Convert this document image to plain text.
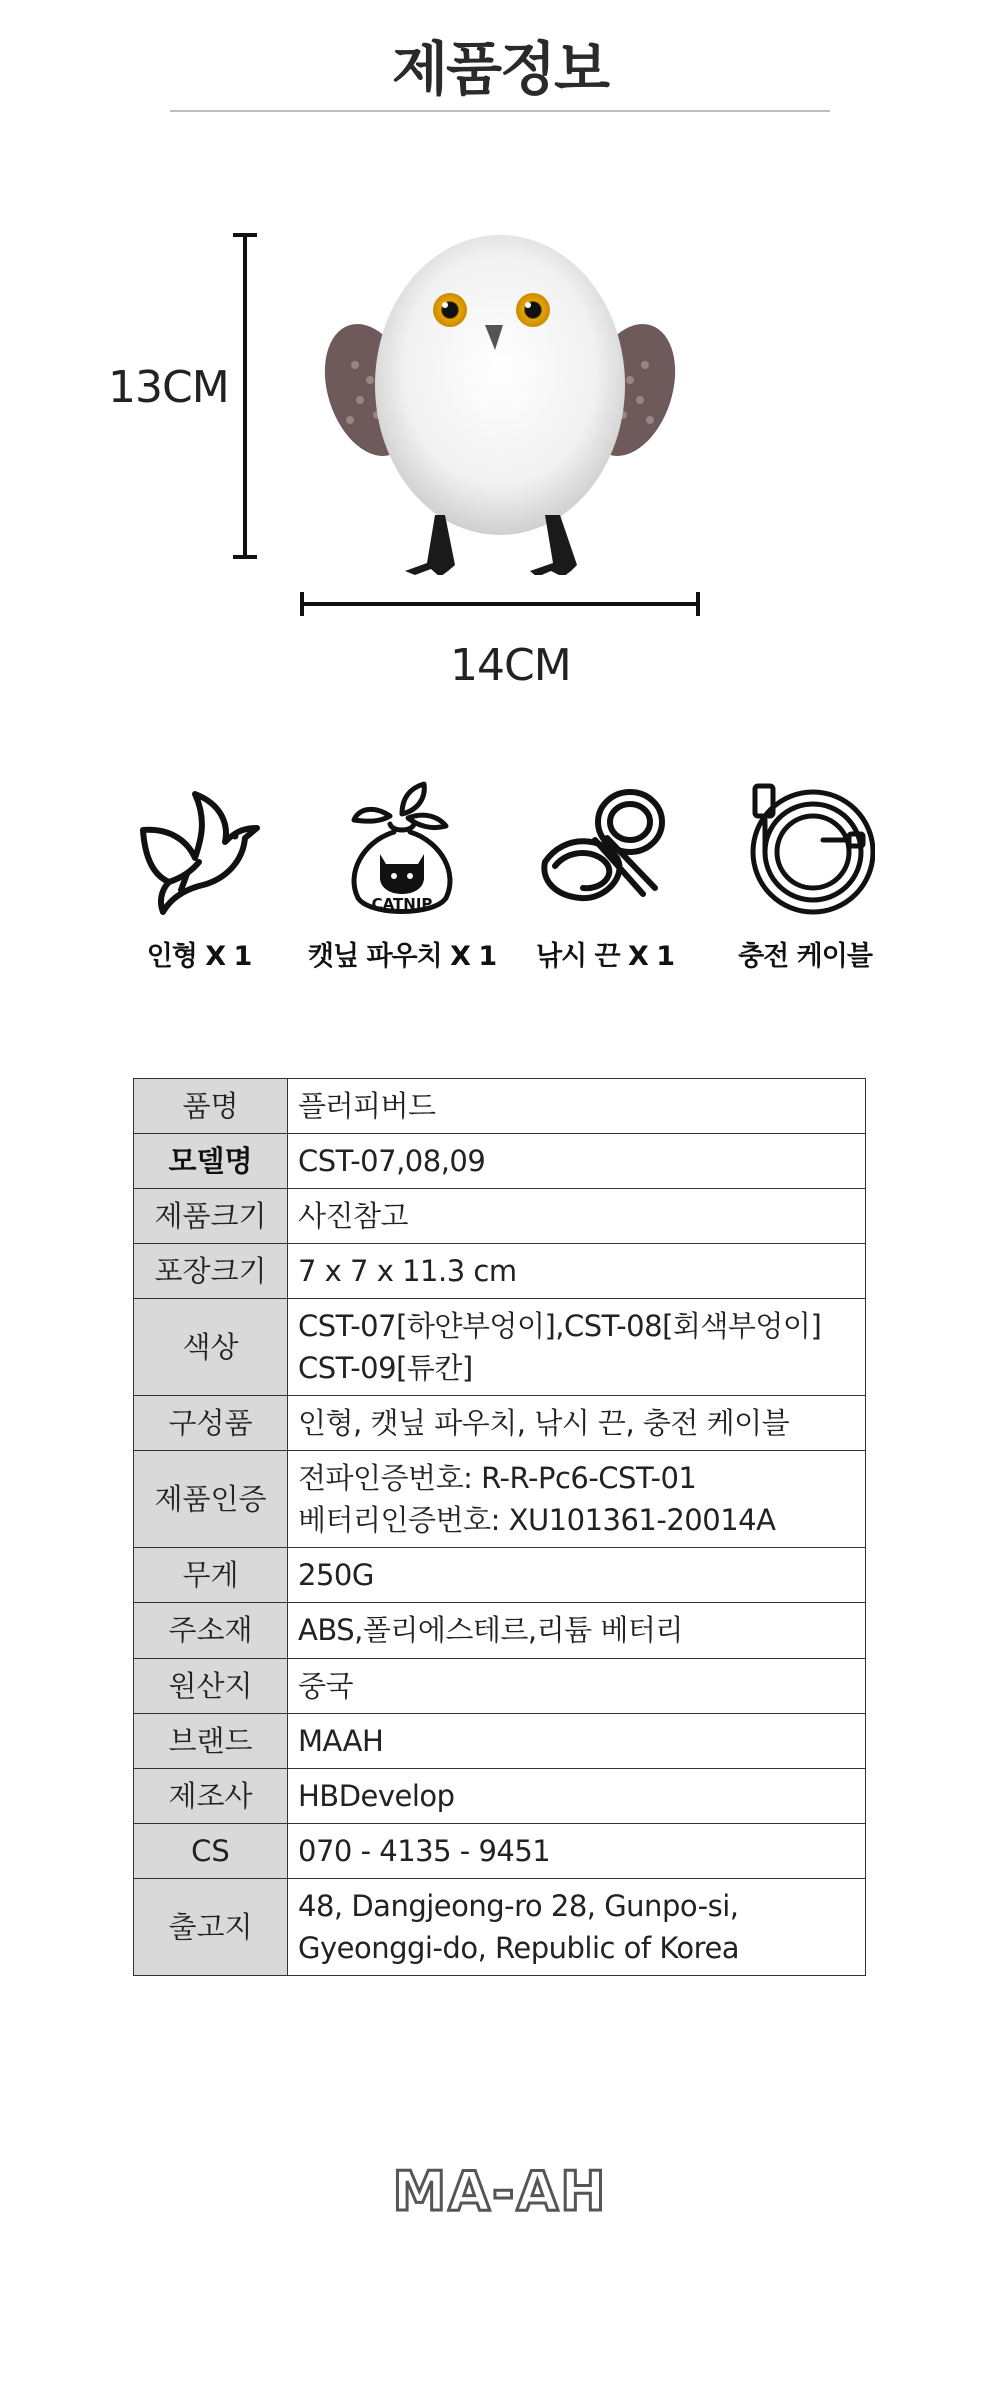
제품정보
13CM
14CM
인형 X 1
CATNIP
캣닢 파우치 X 1	낚시 끈 X 1	충전 케이블
품명	플러피버드
모델명	CST-07,08,09
제품크기	사진참고
포장크기	7 x 7 x 11.3 cm
색상	CST-07[하얀부엉이],CST-08[회색부엉이]
CST-09[튜칸]

구성품	인형, 캣닢 파우치, 낚시 끈, 충전 케이블
제품인증	전파인증번호: R-R-Pc6-CST-01
베터리인증번호: XU101361-20014A

무게	250G
주소재	ABS,폴리에스테르,리튬 베터리
원산지	중국
브랜드	MAAH
제조사	HBDevelop
CS	070 - 4135 - 9451
출고지	48, Dangjeong-ro 28, Gunpo-si,
Gyeonggi-do, Republic of Korea
MA-AH
